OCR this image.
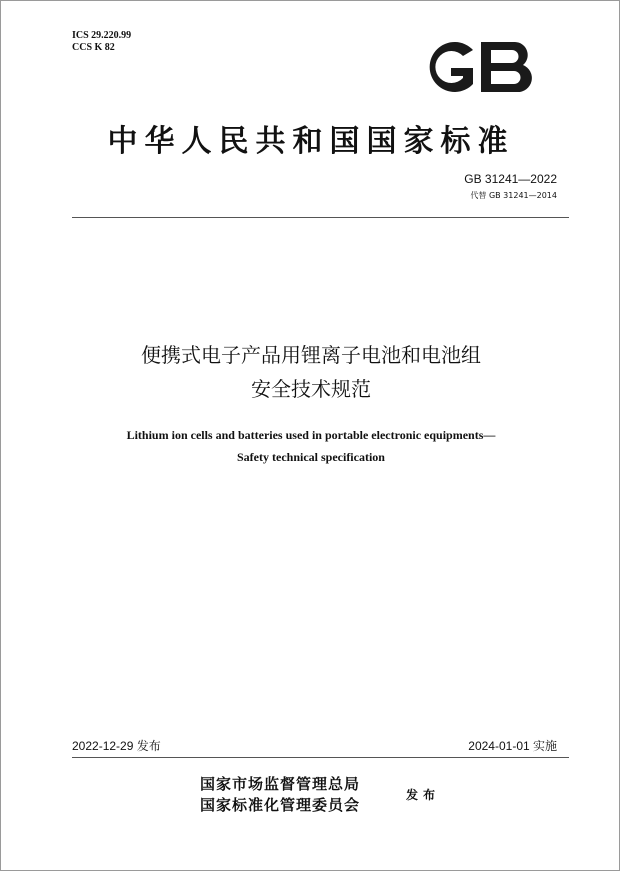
ICS 29.220.99
CCS K 82
GB
中华人民共和国国家标准
GB 31241—2022
代替 GB 31241—2014
便携式电子产品用锂离子电池和电池组
安全技术规范
Lithium ion cells and batteries used in portable electronic equipments—
Safety technical specification
2022-12-29 发布	2024-01-01 实施
国家市场监督管理总局
国家标准化管理委员会
发布
